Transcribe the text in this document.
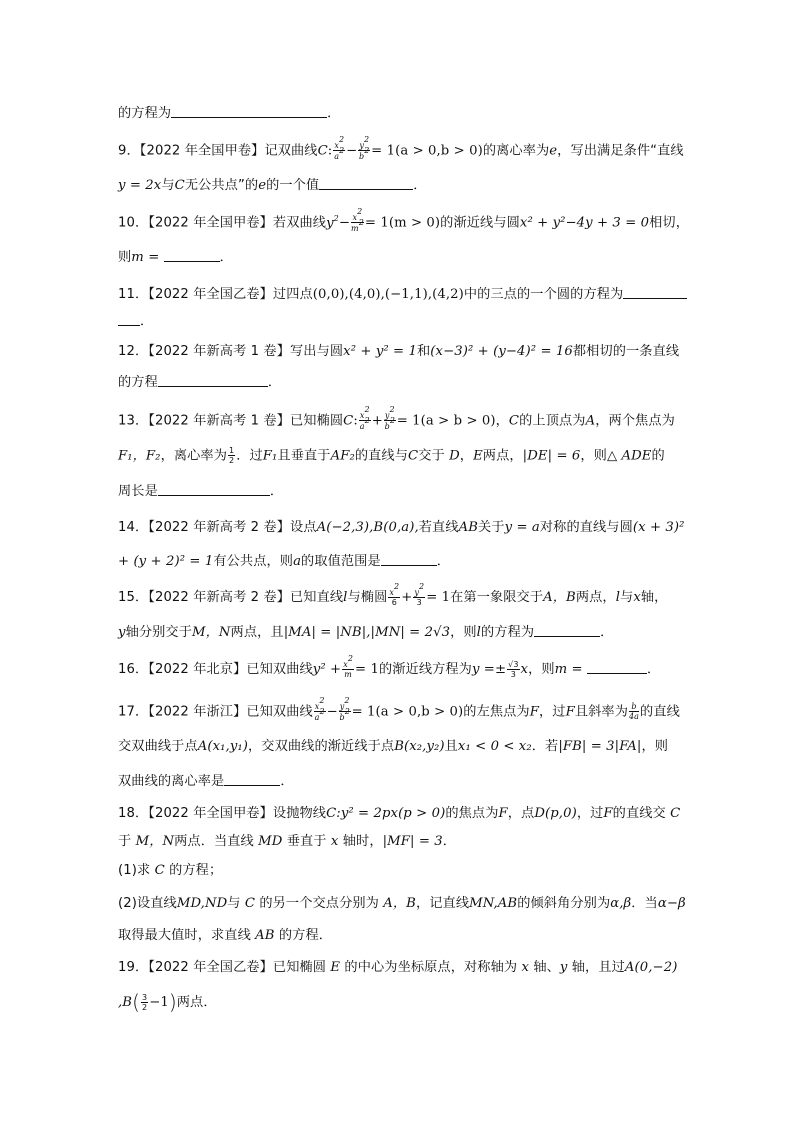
的方程为	．
9．【2022 年全国甲卷】记双曲线C: $\frac{x^2}{a^2} - \frac{y^2}{b^2} = 1(a > 0,b > 0)$的离心率为e，写出满足条件“直线
y = 2x与C无公共点”的e的一个值	．
10．【2022 年全国甲卷】若双曲线$y^2- \frac{x^2}{m^2} = 1(m > 0)$的渐近线与圆x² + y²−4y + 3 = 0相切，
则m =	．
11．【2022 年全国乙卷】过四点(0,0),(4,0),(−1,1),(4,2)中的三点的一个圆的方程为
．
12．【2022 年新高考 1 卷】写出与圆x² + y² = 1和(x−3)² + (y−4)² = 16都相切的一条直线
的方程	．
13．【2022 年新高考 1 卷】已知椭圆C: $\frac{x^2}{a^2} + \frac{y^2}{b^2} = 1(a > b > 0)$，C的上顶点为A，两个焦点为
F₁，F₂，离心率为 $\frac{1}{2}$ ．过F₁且垂直于AF₂的直线与C交于 D，E两点，|DE| = 6，则△ ADE的
周长是	．
14．【2022 年新高考 2 卷】设点A(−2,3),B(0,a),若直线AB关于y = a对称的直线与圆(x + 3)²
+ (y + 2)² = 1有公共点，则a的取值范围是	．
15．【2022 年新高考 2 卷】已知直线l与椭圆 $\frac{x^2}{6} + \frac{y^2}{3} = 1$在第一象限交于A，B两点，l与x轴，
y轴分别交于M，N两点，且|MA| = |NB|,|MN| = 2√3，则l的方程为	．
16．【2022 年北京】已知双曲线$y^2 + \frac{x^2}{m} = 1$的渐近线方程为$y =\pm \frac{√3}{3}$ x，则m =	．
17．【2022 年浙江】已知双曲线 $\frac{x^2}{a^2} - \frac{y^2}{b^2} = 1(a > 0,b > 0)$的左焦点为F，过F且斜率为 $\frac{b}{4a}$ 的直线
交双曲线于点A(x₁,y₁)，交双曲线的渐近线于点B(x₂,y₂)且x₁ < 0 < x₂．若|FB| = 3|FA|，则
双曲线的离心率是	．
18．【2022 年全国甲卷】设抛物线C:y² = 2px(p > 0)的焦点为F，点D(p,0)，过F的直线交 C
于 M，N两点．当直线 MD 垂直于 x 轴时，|MF| = 3．
(1)求 C 的方程；
(2)设直线MD,ND与 C 的另一个交点分别为 A，B，记直线MN,AB的倾斜角分别为α,β．当α−β
取得最大值时，求直线 AB 的方程．
19．【2022 年全国乙卷】已知椭圆 E 的中心为坐标原点，对称轴为 x 轴、y 轴，且过A(0,−2)
$,B( \frac{3}{2} -1)$两点．
